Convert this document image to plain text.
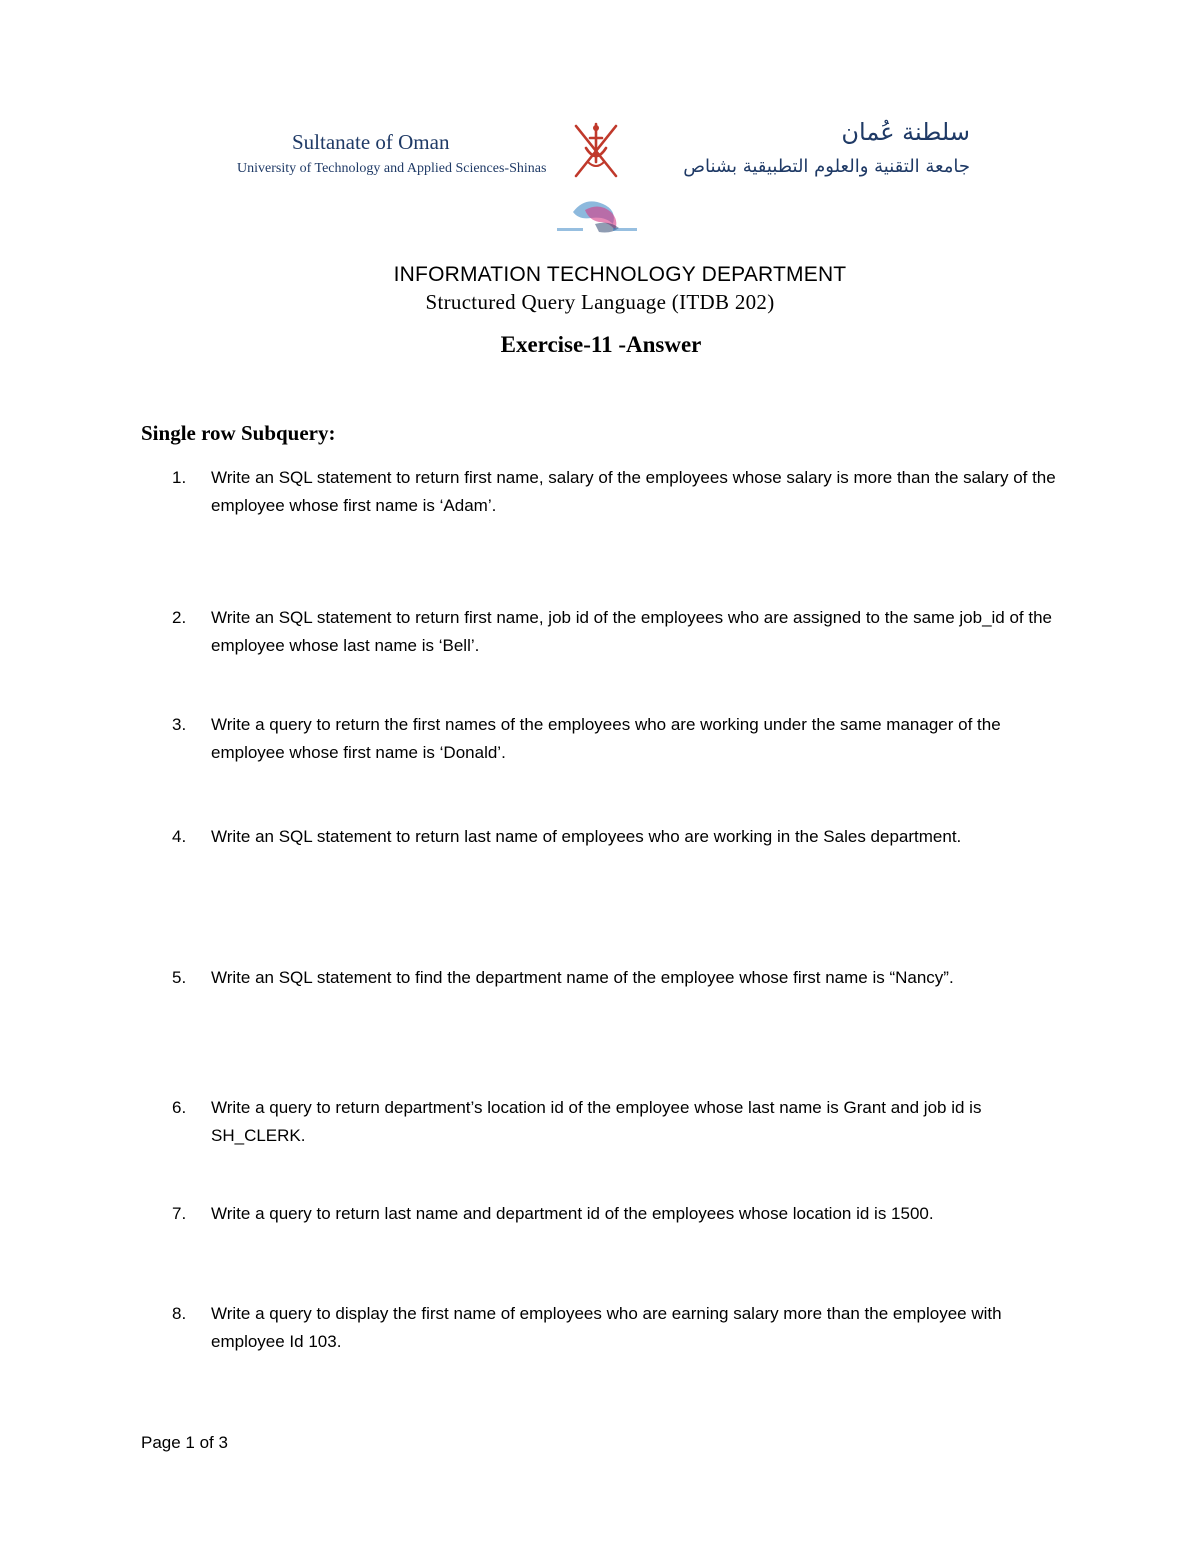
Sultanate of Oman
University of Technology and Applied Sciences-Shinas
سلطنة عُمان
جامعة التقنية والعلوم التطبيقية بشناص
INFORMATION TECHNOLOGY DEPARTMENT
Structured Query Language (ITDB 202)
Exercise-11 -Answer
Single row Subquery:
1.	Write an SQL statement to return first name, salary of the employees whose salary is more than the salary of the employee whose first name is ‘Adam’.
2.	Write an SQL statement to return first name, job id of the employees who are assigned to the same job_id of the employee whose last name is ‘Bell’.
3.	Write a query to return the first names of the employees who are working under the same manager of the employee whose first name is ‘Donald’.
4.	Write an SQL statement to return last name of employees who are working in the Sales department.
5.	Write an SQL statement to find the department name of the employee whose first name is “Nancy”.
6.	Write a query to return department’s location id of the employee whose last name is Grant and job id is SH_CLERK.
7.	Write a query to return last name and department id of the employees whose location id is 1500.
8.	Write a query to display the first name of employees who are earning salary more than the employee with employee Id 103.
Page 1 of 3
